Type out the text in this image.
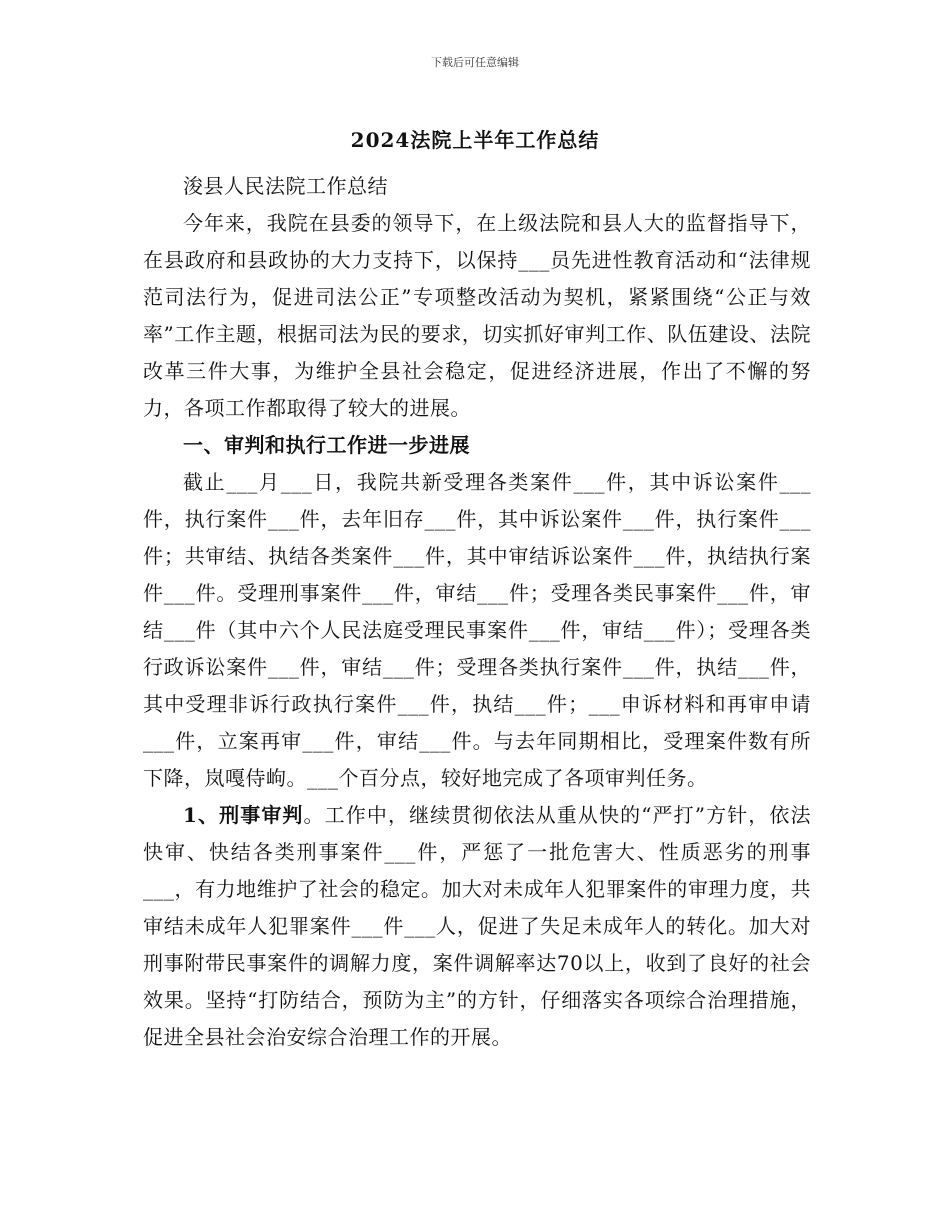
下载后可任意编辑
2024法院上半年工作总结

浚县人民法院工作总结

今年来，我院在县委的领导下，在上级法院和县人大的监督指导下，在县政府和县政协的大力支持下，以保持___员先进性教育活动和“法律规范司法行为，促进司法公正”专项整改活动为契机，紧紧围绕“公正与效率”工作主题，根据司法为民的要求，切实抓好审判工作、队伍建设、法院改革三件大事，为维护全县社会稳定，促进经济进展，作出了不懈的努力，各项工作都取得了较大的进展。

一、审判和执行工作进一步进展

截止___月___日，我院共新受理各类案件___件，其中诉讼案件___件，执行案件___件，去年旧存___件，其中诉讼案件___件，执行案件___件；共审结、执结各类案件___件，其中审结诉讼案件___件，执结执行案件___件。受理刑事案件___件，审结___件；受理各类民事案件___件，审结___件（其中六个人民法庭受理民事案件___件，审结___件）；受理各类行政诉讼案件___件，审结___件；受理各类执行案件___件，执结___件，其中受理非诉行政执行案件___件，执结___件；___申诉材料和再审申请___件，立案再审___件，审结___件。与去年同期相比，受理案件数有所下降，岚嘎侍岣。___个百分点，较好地完成了各项审判任务。

1、刑事审判。工作中，继续贯彻依法从重从快的“严打”方针，依法快审、快结各类刑事案件___件，严惩了一批危害大、性质恶劣的刑事___，有力地维护了社会的稳定。加大对未成年人犯罪案件的审理力度，共审结未成年人犯罪案件___件___人，促进了失足未成年人的转化。加大对刑事附带民事案件的调解力度，案件调解率达70以上，收到了良好的社会效果。坚持“打防结合，预防为主”的方针，仔细落实各项综合治理措施，促进全县社会治安综合治理工作的开展。
